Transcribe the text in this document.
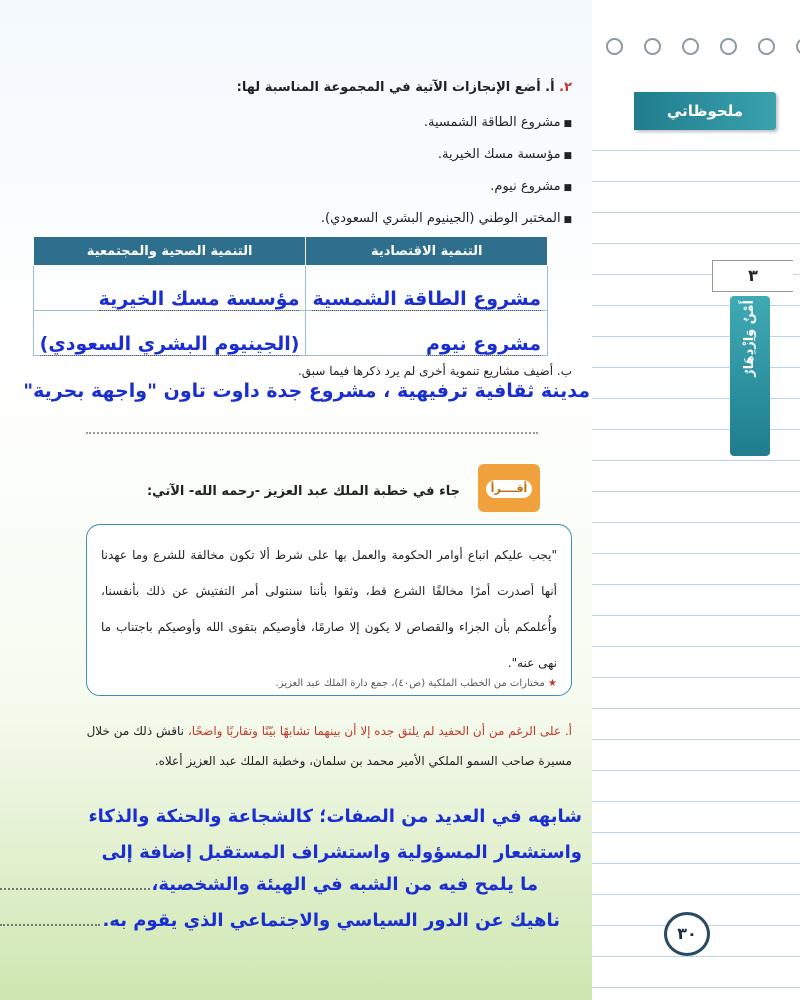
ملحوظاتي
٣
أَمْنٌ وَاِزْدِهَارٌ
٣٠
٢. أ. أضع الإنجازات الآتية في المجموعة المناسبة لها:
■ مشروع الطاقة الشمسية.
■ مؤسسة مسك الخيرية.
■ مشروع نيوم.
■ المختبر الوطني (الجينيوم البشري السعودي).
التنمية الاقتصادية	التنمية الصحية والمجتمعية
مشروع الطاقة الشمسية	مؤسسة مسك الخيرية
مشروع نيوم	(الجينيوم البشري السعودي)
ب. أضيف مشاريع تنموية أخرى لم يرد ذكرها فيما سبق.
مدينة ثقافية ترفيهية ، مشروع جدة داوت تاون "واجهة بحرية"
أقــــرأ
جاء في خطبة الملك عبد العزيز -رحمه الله- الآتي:

"يجب عليكم اتباع أوامر الحكومة والعمل بها على شرط ألا تكون مخالفة للشرع وما عهدنا أنها أصدرت أمرًا مخالفًا الشرع قط، وثقوا بأننا سنتولى أمر التفتيش عن ذلك بأنفسنا، وأُعلمكم بأن الجزاء والقصاص لا يكون إلا صارمًا، فأوصيكم بتقوى الله وأوصيكم باجتناب ما نهى عنه".

★ مختارات من الخطب الملكية (ص٤٠)، جمع دارة الملك عبد العزيز.
أ. على الرغم من أن الحفيد لم يلتق جده إلا أن بينهما تشابهًا بيّنًا وتقاربًا واضحًا، ناقش ذلك من خلال مسيرة صاحب السمو الملكي الأمير محمد بن سلمان، وخطبة الملك عبد العزيز أعلاه.
شابهه في العديد من الصفات؛ كالشجاعة والحنكة والذكاء
واستشعار المسؤولية واستشراف المستقبل إضافة إلى
ما يلمح فيه من الشبه في الهيئة والشخصية،
ناهيك عن الدور السياسي والاجتماعي الذي يقوم به.
